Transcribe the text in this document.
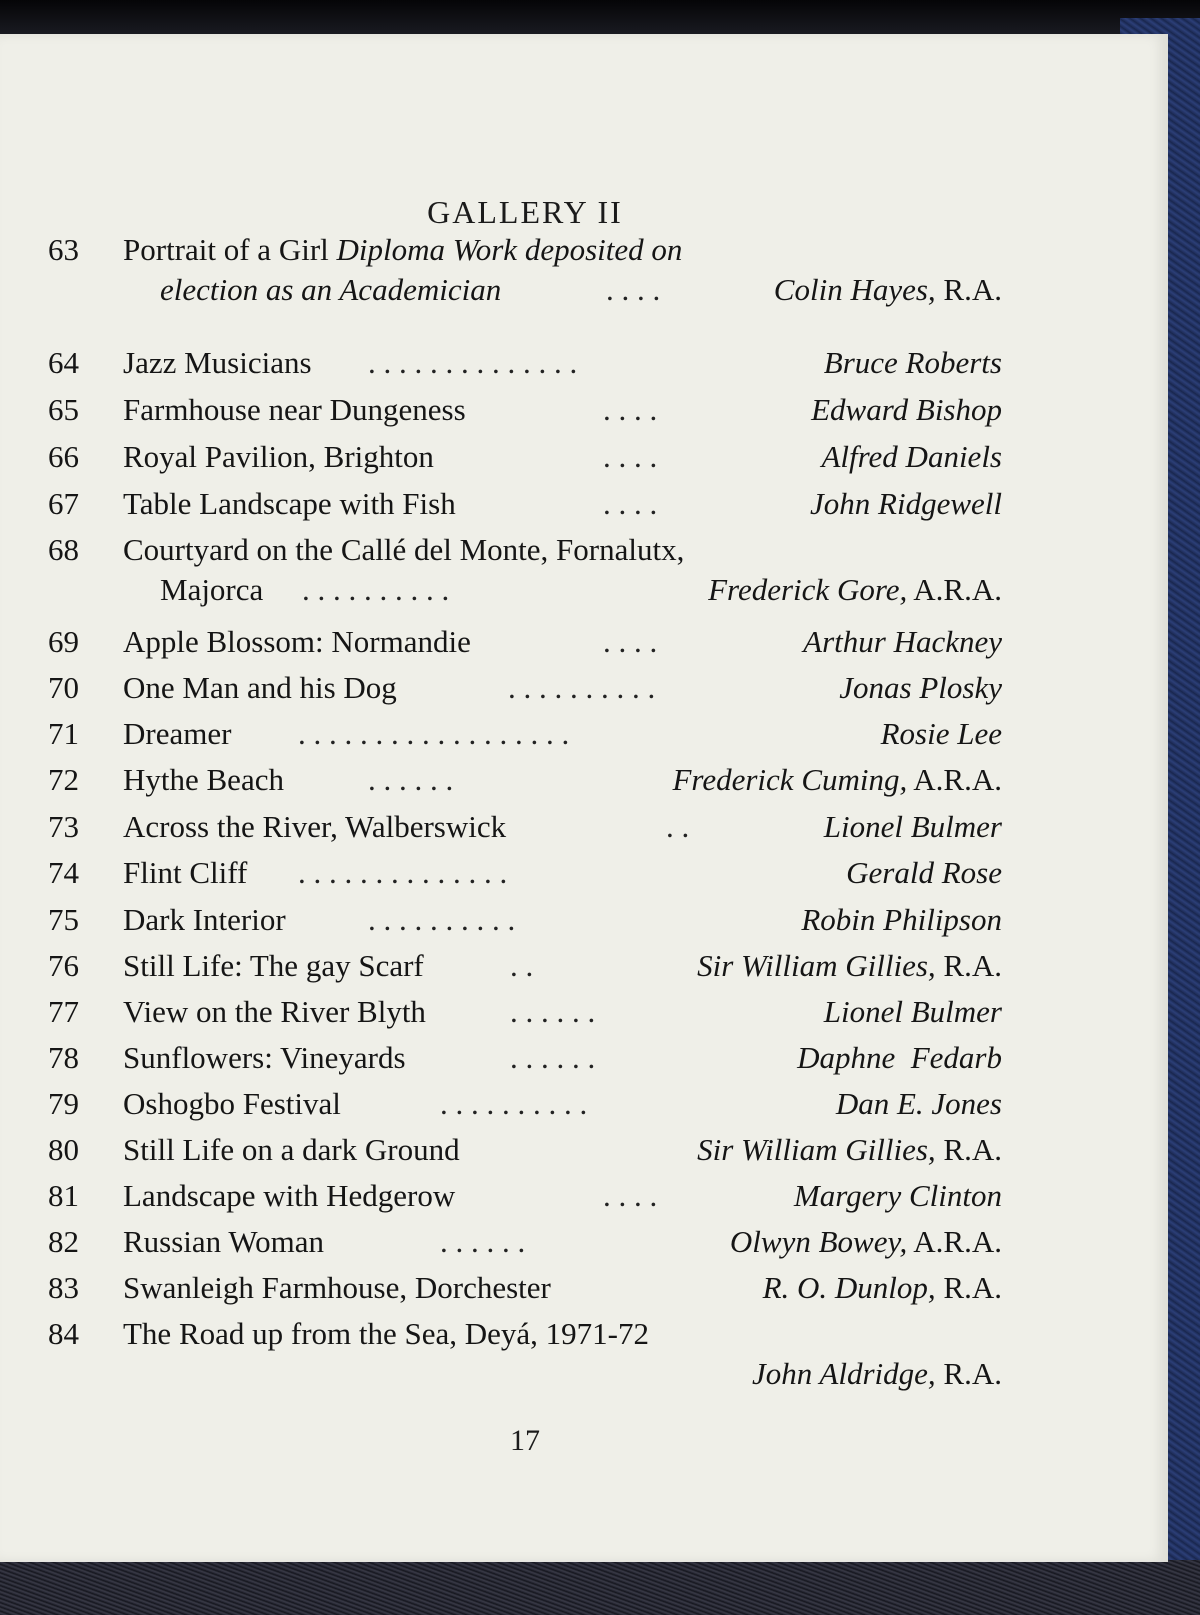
GALLERY II
63	Portrait of a Girl Diploma Work deposited on
election as an Academician	. . . .	Colin Hayes, R.A.
64	Jazz Musicians . . . . . . . . . . . . . .	Bruce Roberts
65	Farmhouse near Dungeness	. . . .	Edward Bishop
66	Royal Pavilion, Brighton	. . . .	Alfred Daniels
67	Table Landscape with Fish	. . . .	John Ridgewell
68	Courtyard on the Callé del Monte, Fornalutx,
Majorca . . . . . . . . . .	Frederick Gore, A.R.A.
69	Apple Blossom: Normandie	. . . .	Arthur Hackney
70	One Man and his Dog	. . . . . . . . . .	Jonas Plosky
71	Dreamer . . . . . . . . . . . . . . . . . .	Rosie Lee
72	Hythe Beach	. . . . . .	Frederick Cuming, A.R.A.
73	Across the River, Walberswick	. .	Lionel Bulmer
74	Flint Cliff . . . . . . . . . . . . . .	Gerald Rose
75	Dark Interior	. . . . . . . . . .	Robin Philipson
76	Still Life: The gay Scarf	. .	Sir William Gillies, R.A.
77	View on the River Blyth	. . . . . .	Lionel Bulmer
78	Sunflowers: Vineyards	. . . . . .	Daphne  Fedarb
79	Oshogbo Festival	. . . . . . . . . .	Dan E. Jones
80	Still Life on a dark Ground	Sir William Gillies, R.A.
81	Landscape with Hedgerow	. . . .	Margery Clinton
82	Russian Woman	. . . . . .	Olwyn Bowey, A.R.A.
83	Swanleigh Farmhouse, Dorchester	R. O. Dunlop, R.A.
84	The Road up from the Sea, Deyá, 1971-72
John Aldridge, R.A.
17
